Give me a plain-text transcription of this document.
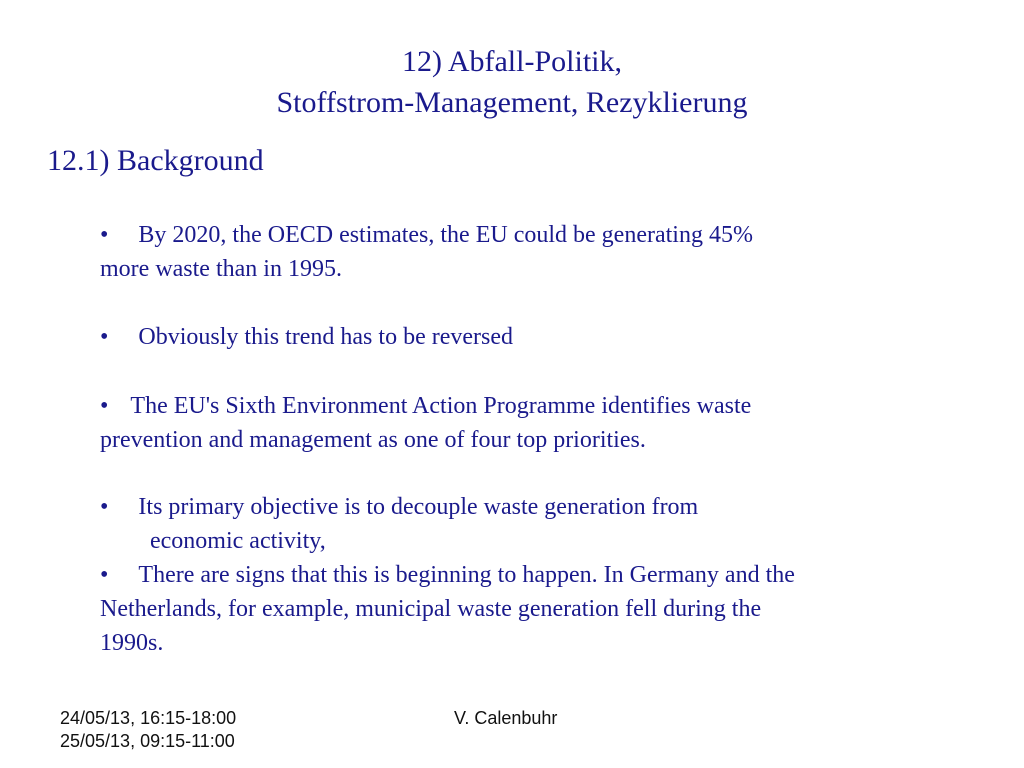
12) Abfall-Politik,
Stoffstrom-Management, Rezyklierung
12.1) Background
• By 2020, the OECD estimates, the EU could be generating 45%
more waste than in 1995.
• Obviously this trend has to be reversed
• The EU's Sixth Environment Action Programme identifies waste
prevention and management as one of four top priorities.
• Its primary objective is to decouple waste generation from
economic activity,
• There are signs that this is beginning to happen. In Germany and the
Netherlands, for example, municipal waste generation fell during the
1990s.
24/05/13, 16:15-18:00
25/05/13, 09:15-11:00
V. Calenbuhr
